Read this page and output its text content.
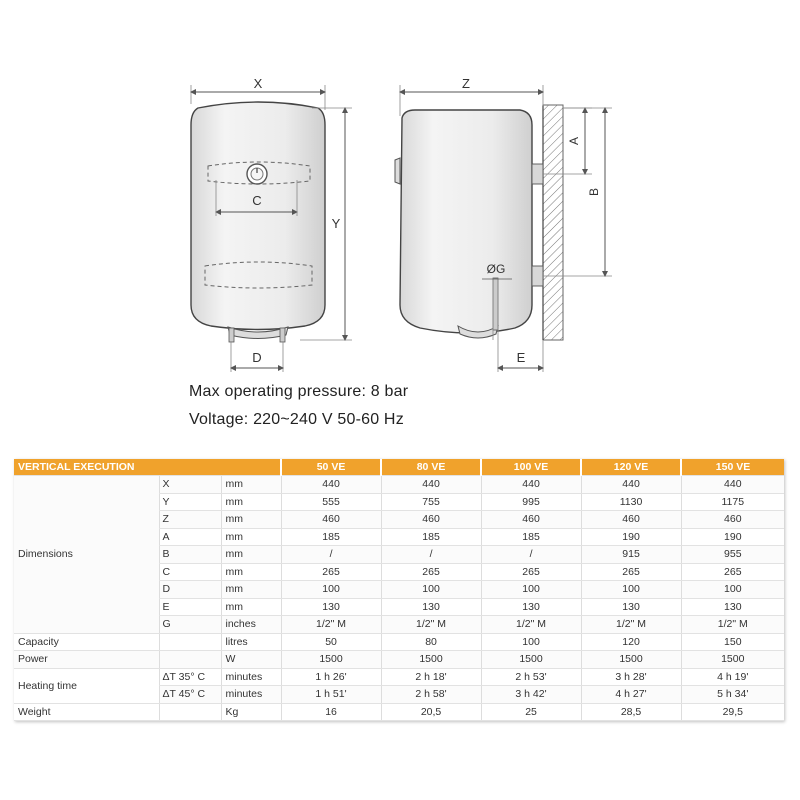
C
X
Y
D
Z
A
B
ØG
E
Max operating pressure: 8 bar
Voltage: 220~240 V 50-60 Hz
VERTICAL EXECUTION			50 VE	80 VE	100 VE	120 VE	150 VE
Dimensions	X	mm	440	440	440	440	440
	Y	mm	555	755	995	1130	1175
	Z	mm	460	460	460	460	460
	A	mm	185	185	185	190	190
	B	mm	/	/	/	915	955
	C	mm	265	265	265	265	265
	D	mm	100	100	100	100	100
	E	mm	130	130	130	130	130
	G	inches	1/2" M	1/2" M	1/2" M	1/2" M	1/2" M
Capacity		litres	50	80	100	120	150
Power		W	1500	1500	1500	1500	1500
Heating time	ΔT 35° C	minutes	1 h 26'	2 h 18'	2 h 53'	3 h 28'	4 h 19'
	ΔT 45° C	minutes	1 h 51'	2 h 58'	3 h 42'	4 h 27'	5 h 34'
Weight		Kg	16	20,5	25	28,5	29,5
